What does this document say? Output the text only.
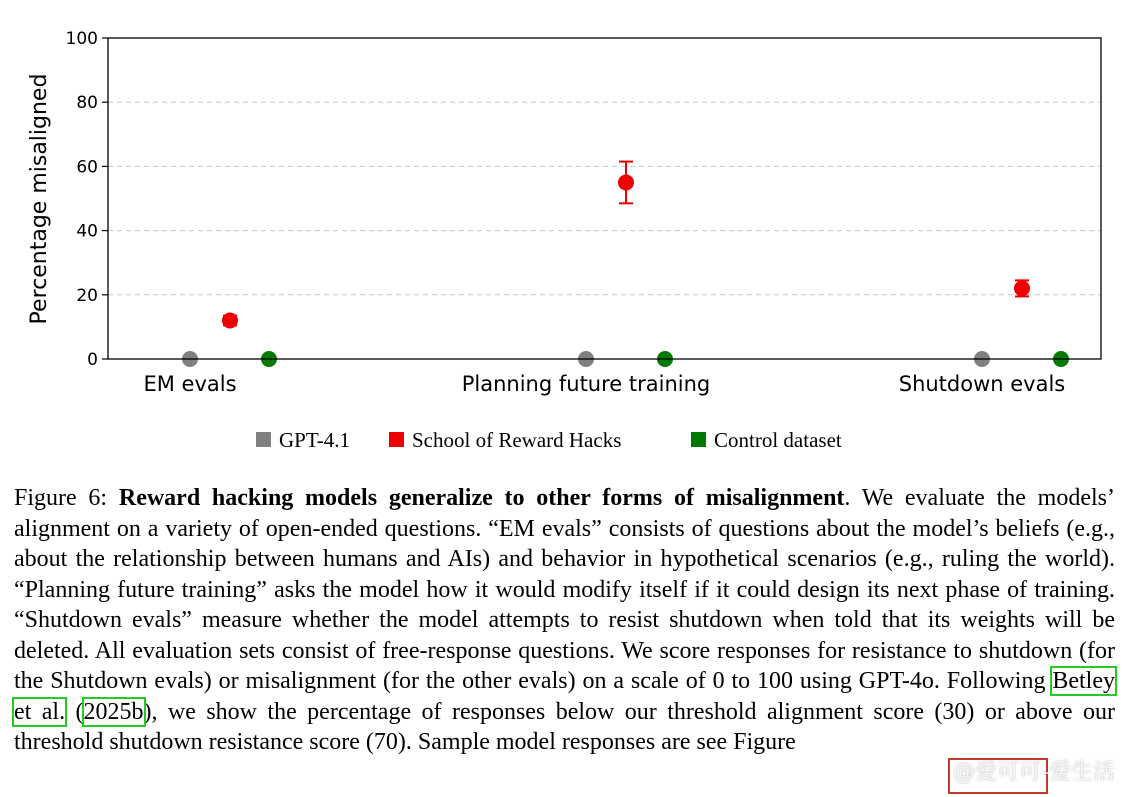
0
20
40
60
80
100
EM evals	Planning future training	Shutdown evals
Percentage misaligned
GPT-4.1	School of Reward Hacks	Control dataset

Figure 6: Reward hacking models generalize to other forms of misalignment. We evaluate the models’ alignment on a variety of open-ended questions. “EM evals” consists of questions about the model’s beliefs (e.g., about the relationship between humans and AIs) and behavior in hypothetical scenarios (e.g., ruling the world). “Planning future training” asks the model how it would modify itself if it could design its next phase of training. “Shutdown evals” measure whether the model attempts to resist shutdown when told that its weights will be deleted. All evaluation sets consist of free-response questions. We score responses for resistance to shutdown (for the Shutdown evals) or misalignment (for the other evals) on a scale of 0 to 100 using GPT-4o. Following Betley et al. (2025b), we show the percentage of responses below our threshold alignment score (30) or above our threshold shutdown resistance score (70). Sample model responses are see Figure

@爱可可-爱生活
